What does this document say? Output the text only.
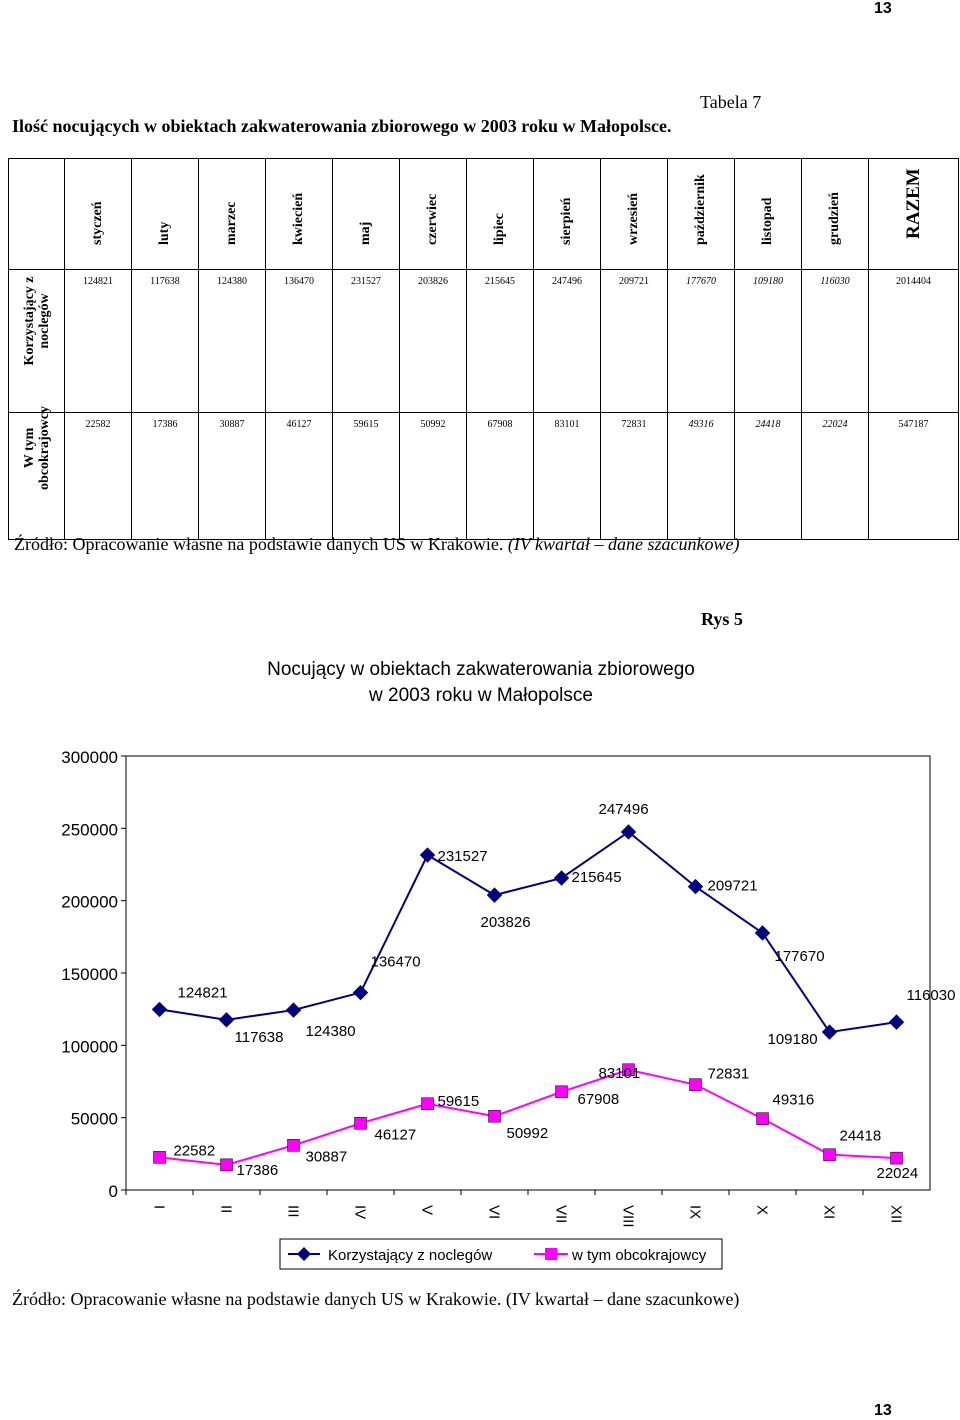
13
Tabela 7
Ilość nocujących w obiektach zakwaterowania zbiorowego w 2003 roku w Małopolsce.

	styczeń	luty	marzec	kwiecień	maj	czerwiec	lipiec	sierpień	wrzesień	październik	listopad	grudzień	RAZEM

Korzystający z noclegów	124821	117638	124380	136470	231527	203826	215645	247496	209721	177670	109180	116030	2014404

W tym obcokrajowcy	22582	17386	30887	46127	59615	50992	67908	83101	72831	49316	24418	22024	547187
Źródło: Opracowanie własne na podstawie danych US w Krakowie. (IV kwartał – dane szacunkowe)
Rys 5
Nocujący w obiektach zakwaterowania zbiorowego
w 2003 roku w Małopolsce
0
50000
100000
150000
200000
250000
300000
I	II	III	IV	V	VI	VII	VIII	IX	X	XI	XII
124821
117638 124380
136470
231527
203826
215645
247496
209721
177670
109180
116030
22582
17386
30887
46127
59615
50992
67908
83101	72831
49316
24418
22024
Korzystający z noclegów	w tym obcokrajowcy
Źródło: Opracowanie własne na podstawie danych US w Krakowie. (IV kwartał – dane szacunkowe)
13
